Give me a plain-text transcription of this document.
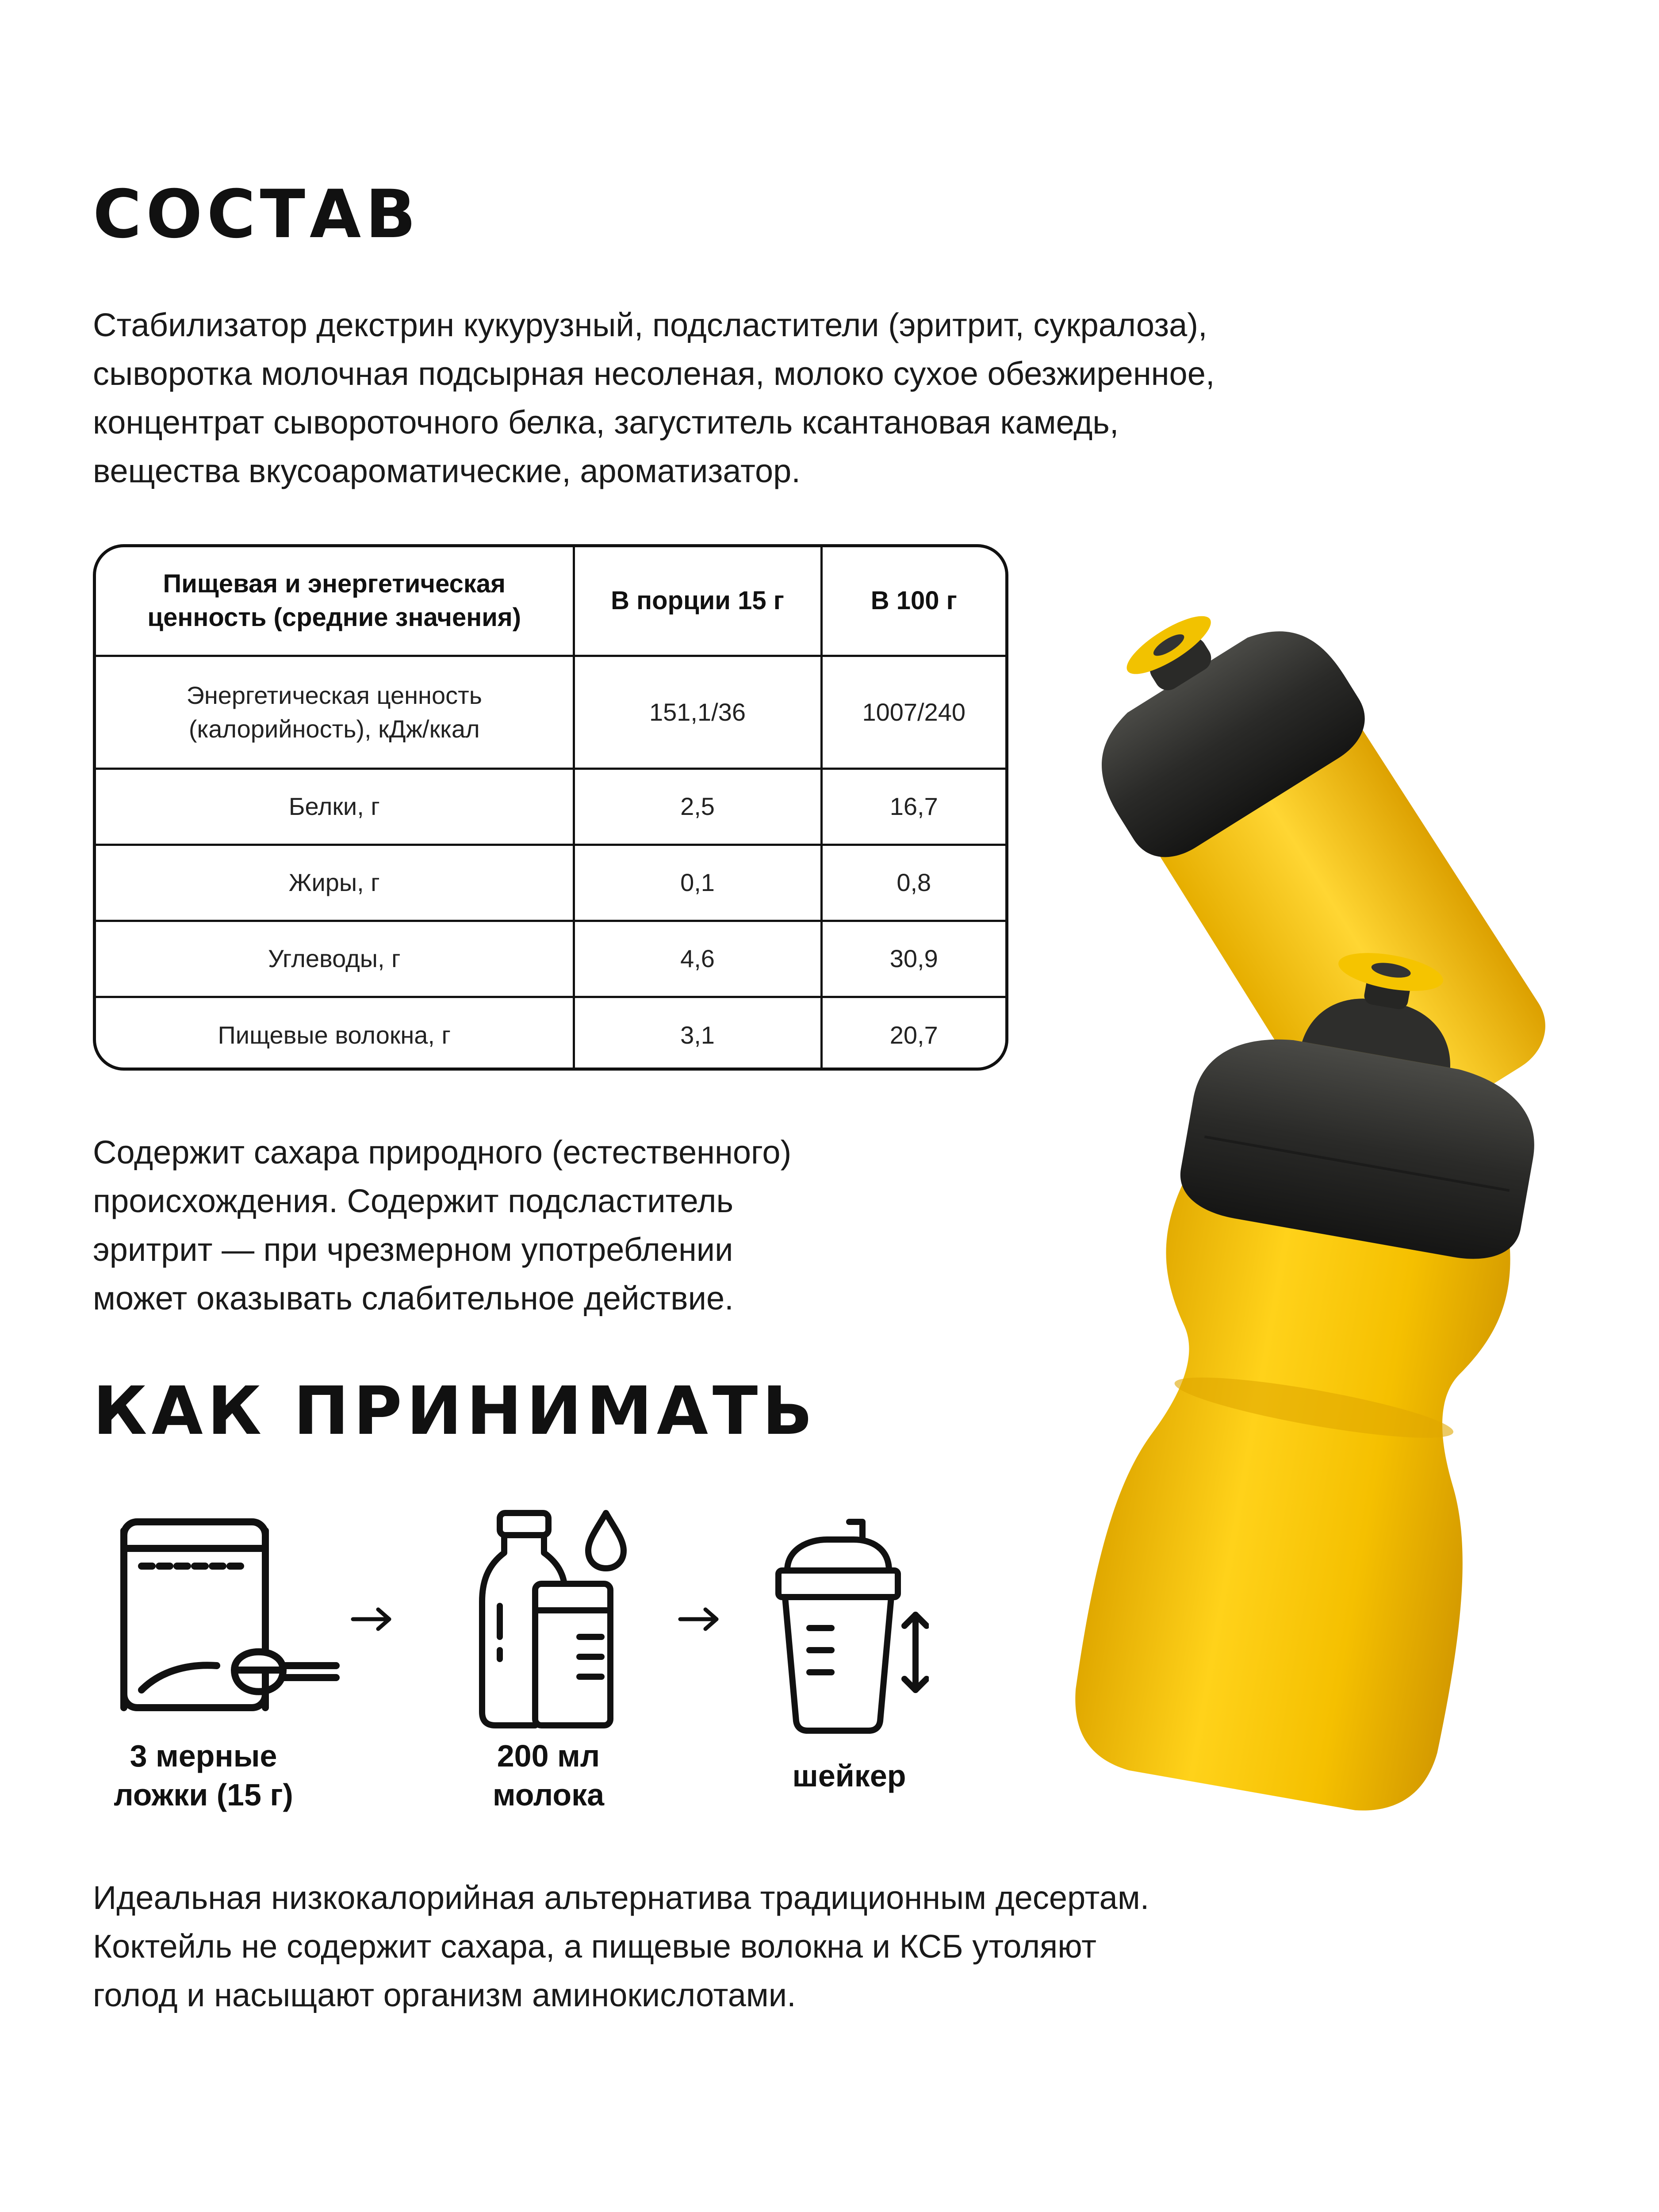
СОСТАВ
Стабилизатор декстрин кукурузный, подсластители (эритрит, сукралоза),
сыворотка молочная подсырная несоленая, молоко сухое обезжиренное,
концентрат сывороточного белка, загуститель ксантановая камедь,
вещества вкусоароматические, ароматизатор.
Пищевая и энергетическая ценность (средние значения)	В порции 15 г	В 100 г
Энергетическая ценность (калорийность), кДж/ккал	151,1/36	1007/240
Белки, г	2,5	16,7
Жиры, г	0,1	0,8
Углеводы, г	4,6	30,9
Пищевые волокна, г	3,1	20,7
Содержит сахара природного (естественного)
происхождения. Содержит подсластитель
эритрит — при чрезмерном употреблении
может оказывать слабительное действие.
КАК ПРИНИМАТЬ
3 мерные
ложки (15 г)
200 мл
молока
шейкер
Идеальная низкокалорийная альтернатива традиционным десертам.
Коктейль не содержит сахара, а пищевые волокна и КСБ утоляют
голод и насыщают организм аминокислотами.
